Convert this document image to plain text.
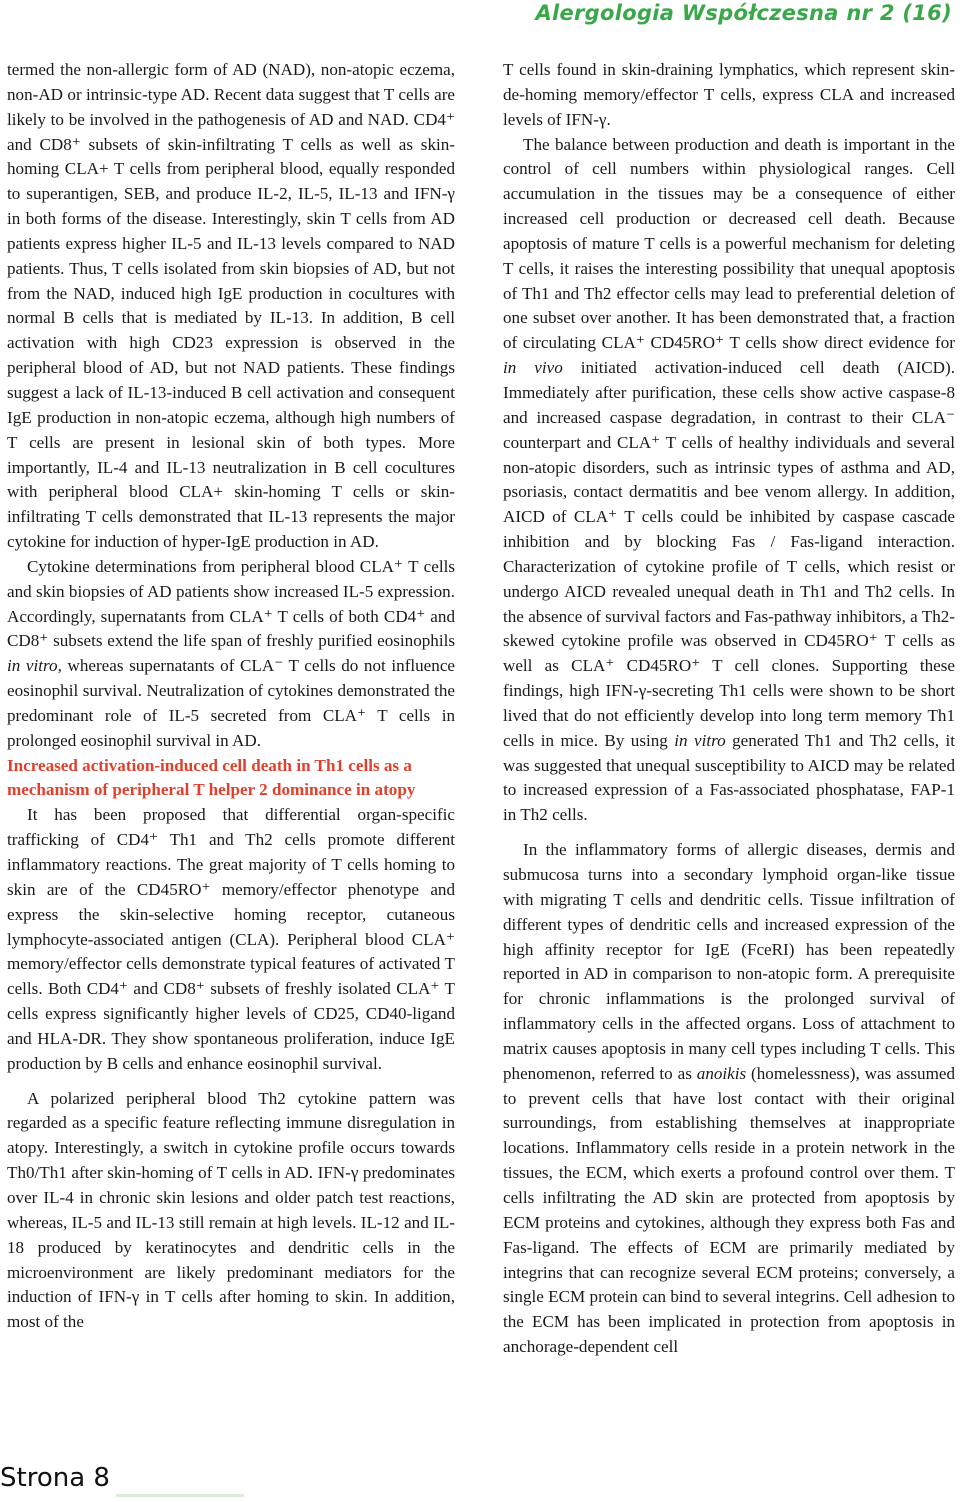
Alergologia Współczesna nr 2 (16)

termed the non-allergic form of AD (NAD), non-atopic eczema, non-AD or intrinsic-type AD. Recent data suggest that T cells are likely to be involved in the pathogenesis of AD and NAD. CD4⁺ and CD8⁺ subsets of skin-infiltrating T cells as well as skin-homing CLA+ T cells from peripheral blood, equally responded to superantigen, SEB, and produce IL-2, IL-5, IL-13 and IFN-γ in both forms of the disease. Interestingly, skin T cells from AD patients express higher IL-5 and IL-13 levels compared to NAD patients. Thus, T cells isolated from skin biopsies of AD, but not from the NAD, induced high IgE production in cocultures with normal B cells that is mediated by IL-13. In addition, B cell activation with high CD23 expression is observed in the peripheral blood of AD, but not NAD patients. These findings suggest a lack of IL-13-induced B cell activation and consequent IgE production in non-atopic eczema, although high numbers of T cells are present in lesional skin of both types. More importantly, IL-4 and IL-13 neutralization in B cell cocultures with peripheral blood CLA+ skin-homing T cells or skin-infiltrating T cells demonstrated that IL-13 represents the major cytokine for induction of hyper-IgE production in AD.

Cytokine determinations from peripheral blood CLA⁺ T cells and skin biopsies of AD patients show increased IL-5 expression. Accordingly, supernatants from CLA⁺ T cells of both CD4⁺ and CD8⁺ subsets extend the life span of freshly purified eosinophils in vitro, whereas supernatants of CLA⁻ T cells do not influence eosinophil survival. Neutralization of cytokines demonstrated the predominant role of IL-5 secreted from CLA⁺ T cells in prolonged eosinophil survival in AD.

Increased activation-induced cell death in Th1 cells as a mechanism of peripheral T helper 2 dominance in atopy

It has been proposed that differential organ-specific trafficking of CD4⁺ Th1 and Th2 cells promote different inflammatory reactions. The great majority of T cells homing to skin are of the CD45RO⁺ memory/effector phenotype and express the skin-selective homing receptor, cutaneous lymphocyte-associated antigen (CLA). Peripheral blood CLA⁺ memory/effector cells demonstrate typical features of activated T cells. Both CD4⁺ and CD8⁺ subsets of freshly isolated CLA⁺ T cells express significantly higher levels of CD25, CD40-ligand and HLA-DR. They show spontaneous proliferation, induce IgE production by B cells and enhance eosinophil survival.

A polarized peripheral blood Th2 cytokine pattern was regarded as a specific feature reflecting immune disregulation in atopy. Interestingly, a switch in cytokine profile occurs towards Th0/Th1 after skin-homing of T cells in AD. IFN-γ predominates over IL-4 in chronic skin lesions and older patch test reactions, whereas, IL-5 and IL-13 still remain at high levels. IL-12 and IL-18 produced by keratinocytes and dendritic cells in the microenvironment are likely predominant mediators for the induction of IFN-γ in T cells after homing to skin. In addition, most of the

T cells found in skin-draining lymphatics, which represent skin-de-homing memory/effector T cells, express CLA and increased levels of IFN-γ.

The balance between production and death is important in the control of cell numbers within physiological ranges. Cell accumulation in the tissues may be a consequence of either increased cell production or decreased cell death. Because apoptosis of mature T cells is a powerful mechanism for deleting T cells, it raises the interesting possibility that unequal apoptosis of Th1 and Th2 effector cells may lead to preferential deletion of one subset over another. It has been demonstrated that, a fraction of circulating CLA⁺ CD45RO⁺ T cells show direct evidence for in vivo initiated activation-induced cell death (AICD). Immediately after purification, these cells show active caspase-8 and increased caspase degradation, in contrast to their CLA⁻ counterpart and CLA⁺ T cells of healthy individuals and several non-atopic disorders, such as intrinsic types of asthma and AD, psoriasis, contact dermatitis and bee venom allergy. In addition, AICD of CLA⁺ T cells could be inhibited by caspase cascade inhibition and by blocking Fas / Fas-ligand interaction. Characterization of cytokine profile of T cells, which resist or undergo AICD revealed unequal death in Th1 and Th2 cells. In the absence of survival factors and Fas-pathway inhibitors, a Th2-skewed cytokine profile was observed in CD45RO⁺ T cells as well as CLA⁺ CD45RO⁺ T cell clones. Supporting these findings, high IFN-γ-secreting Th1 cells were shown to be short lived that do not efficiently develop into long term memory Th1 cells in mice. By using in vitro generated Th1 and Th2 cells, it was suggested that unequal susceptibility to AICD may be related to increased expression of a Fas-associated phosphatase, FAP-1 in Th2 cells.

In the inflammatory forms of allergic diseases, dermis and submucosa turns into a secondary lymphoid organ-like tissue with migrating T cells and dendritic cells. Tissue infiltration of different types of dendritic cells and increased expression of the high affinity receptor for IgE (FceRI) has been repeatedly reported in AD in comparison to non-atopic form. A prerequisite for chronic inflammations is the prolonged survival of inflammatory cells in the affected organs. Loss of attachment to matrix causes apoptosis in many cell types including T cells. This phenomenon, referred to as anoikis (homelessness), was assumed to prevent cells that have lost contact with their original surroundings, from establishing themselves at inappropriate locations. Inflammatory cells reside in a protein network in the tissues, the ECM, which exerts a profound control over them. T cells infiltrating the AD skin are protected from apoptosis by ECM proteins and cytokines, although they express both Fas and Fas-ligand. The effects of ECM are primarily mediated by integrins that can recognize several ECM proteins; conversely, a single ECM protein can bind to several integrins. Cell adhesion to the ECM has been implicated in protection from apoptosis in anchorage-dependent cell

Strona 8
